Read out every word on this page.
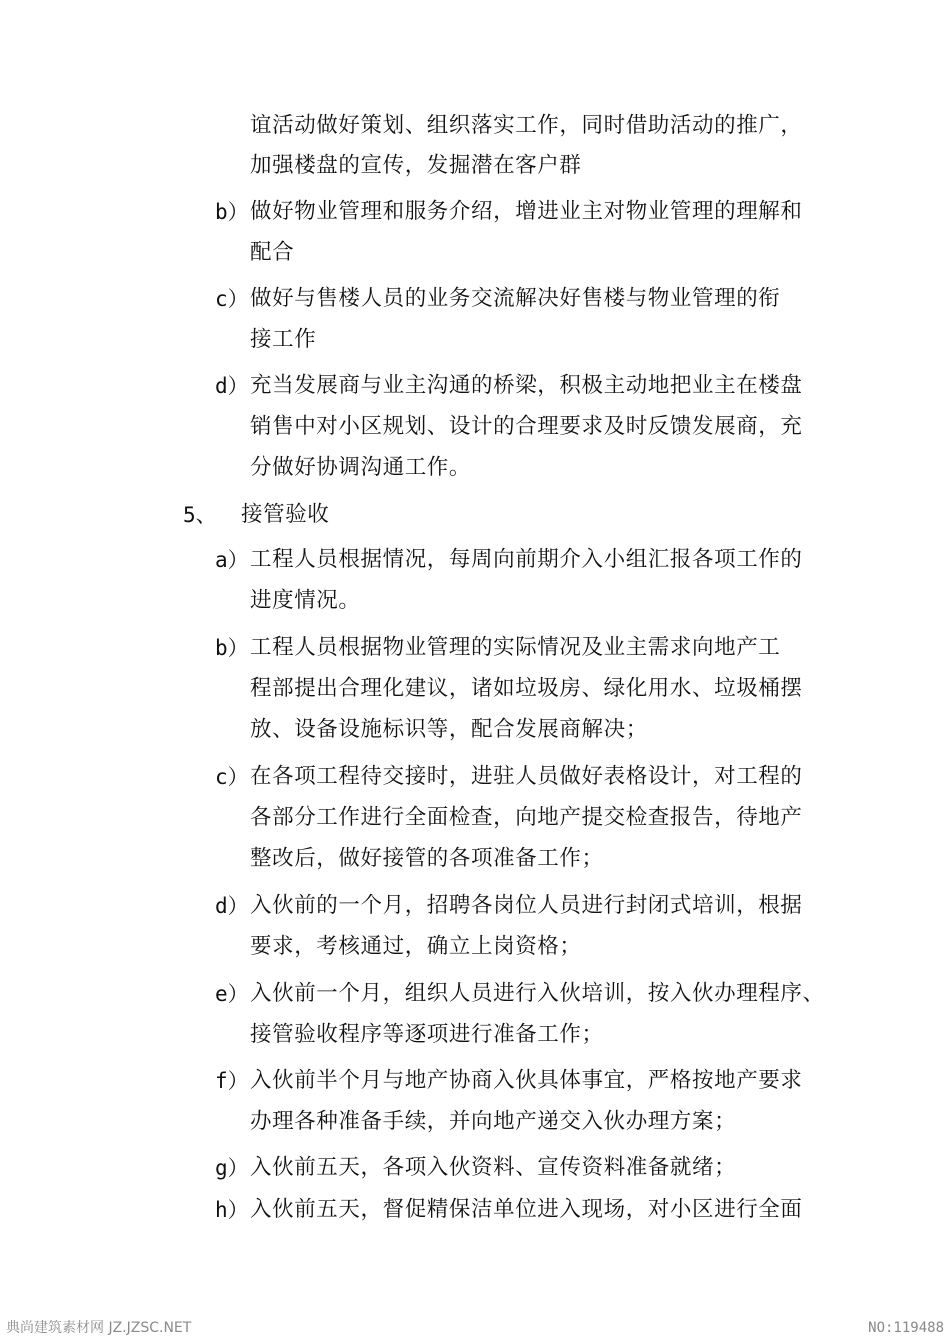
谊活动做好策划、组织落实工作，同时借助活动的推广，
加强楼盘的宣传，发掘潜在客户群
b） 做好物业管理和服务介绍，增进业主对物业管理的理解和
配合
c） 做好与售楼人员的业务交流解决好售楼与物业管理的衔
接工作
d） 充当发展商与业主沟通的桥梁，积极主动地把业主在楼盘
销售中对小区规划、设计的合理要求及时反馈发展商，充
分做好协调沟通工作。
5、 接管验收
a） 工程人员根据情况，每周向前期介入小组汇报各项工作的
进度情况。
b） 工程人员根据物业管理的实际情况及业主需求向地产工
程部提出合理化建议，诸如垃圾房、绿化用水、垃圾桶摆
放、设备设施标识等，配合发展商解决；
c） 在各项工程待交接时，进驻人员做好表格设计，对工程的
各部分工作进行全面检查，向地产提交检查报告，待地产
整改后，做好接管的各项准备工作；
d） 入伙前的一个月，招聘各岗位人员进行封闭式培训，根据
要求，考核通过，确立上岗资格；
e） 入伙前一个月，组织人员进行入伙培训，按入伙办理程序、
接管验收程序等逐项进行准备工作；
f） 入伙前半个月与地产协商入伙具体事宜，严格按地产要求
办理各种准备手续，并向地产递交入伙办理方案；
g） 入伙前五天，各项入伙资料、宣传资料准备就绪；
h） 入伙前五天，督促精保洁单位进入现场，对小区进行全面
典尚建筑素材网 JZ.JZSC.NET	NO:119488
